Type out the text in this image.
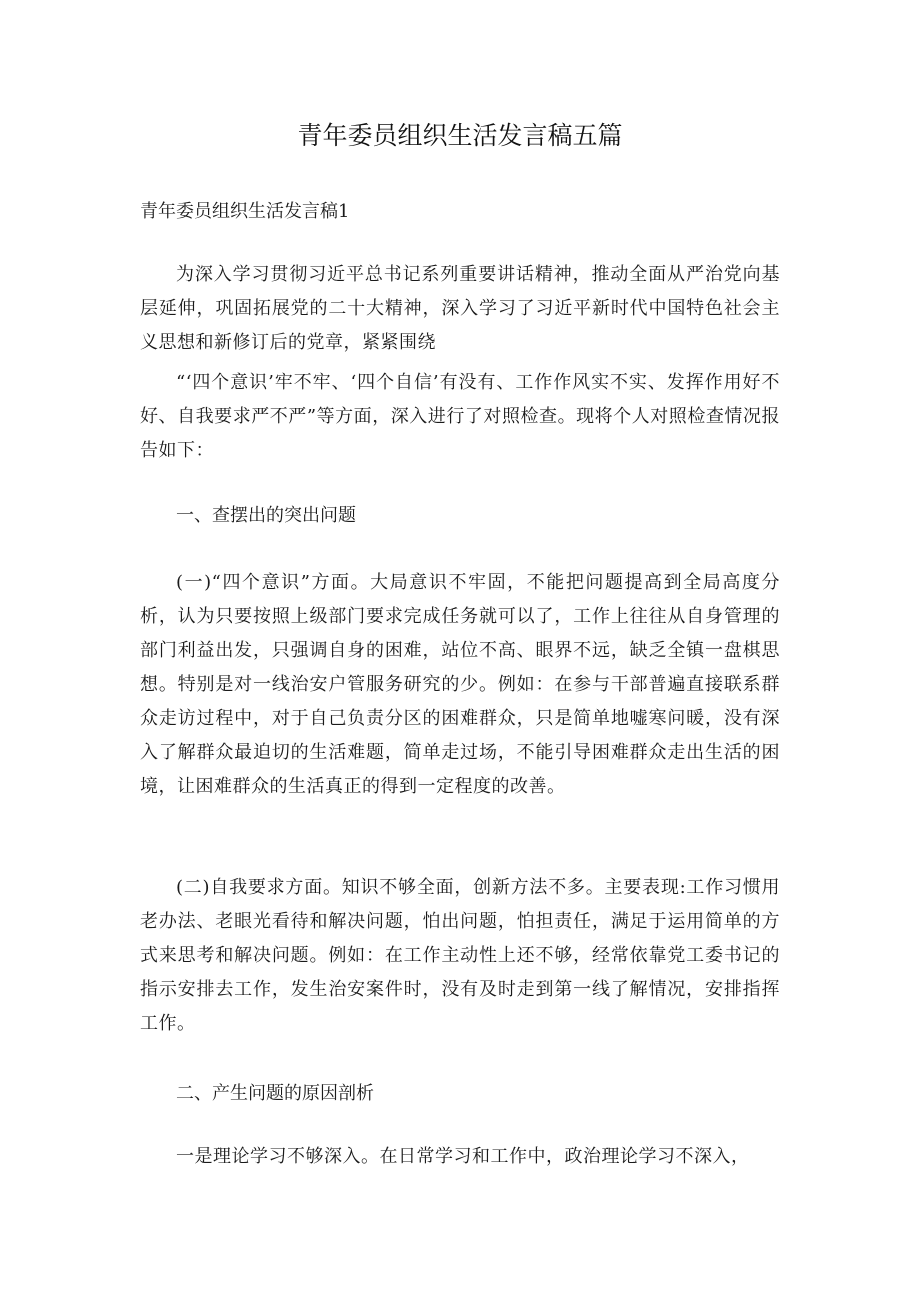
青年委员组织生活发言稿五篇

青年委员组织生活发言稿1

为深入学习贯彻习近平总书记系列重要讲话精神，推动全面从严治党向基层延伸，巩固拓展党的二十大精神，深入学习了习近平新时代中国特色社会主义思想和新修订后的党章，紧紧围绕

“‘四个意识’牢不牢、‘四个自信’有没有、工作作风实不实、发挥作用好不好、自我要求严不严”等方面，深入进行了对照检查。现将个人对照检查情况报告如下：

一、查摆出的突出问题

(一)“四个意识”方面。大局意识不牢固，不能把问题提高到全局高度分析，认为只要按照上级部门要求完成任务就可以了，工作上往往从自身管理的部门利益出发，只强调自身的困难，站位不高、眼界不远，缺乏全镇一盘棋思想。特别是对一线治安户管服务研究的少。例如：在参与干部普遍直接联系群众走访过程中，对于自己负责分区的困难群众，只是简单地嘘寒问暖，没有深入了解群众最迫切的生活难题，简单走过场，不能引导困难群众走出生活的困境，让困难群众的生活真正的得到一定程度的改善。

(二)自我要求方面。知识不够全面，创新方法不多。主要表现:工作习惯用老办法、老眼光看待和解决问题，怕出问题，怕担责任，满足于运用简单的方式来思考和解决问题。例如：在工作主动性上还不够，经常依靠党工委书记的指示安排去工作，发生治安案件时，没有及时走到第一线了解情况，安排指挥工作。

二、产生问题的原因剖析

一是理论学习不够深入。在日常学习和工作中，政治理论学习不深入，
